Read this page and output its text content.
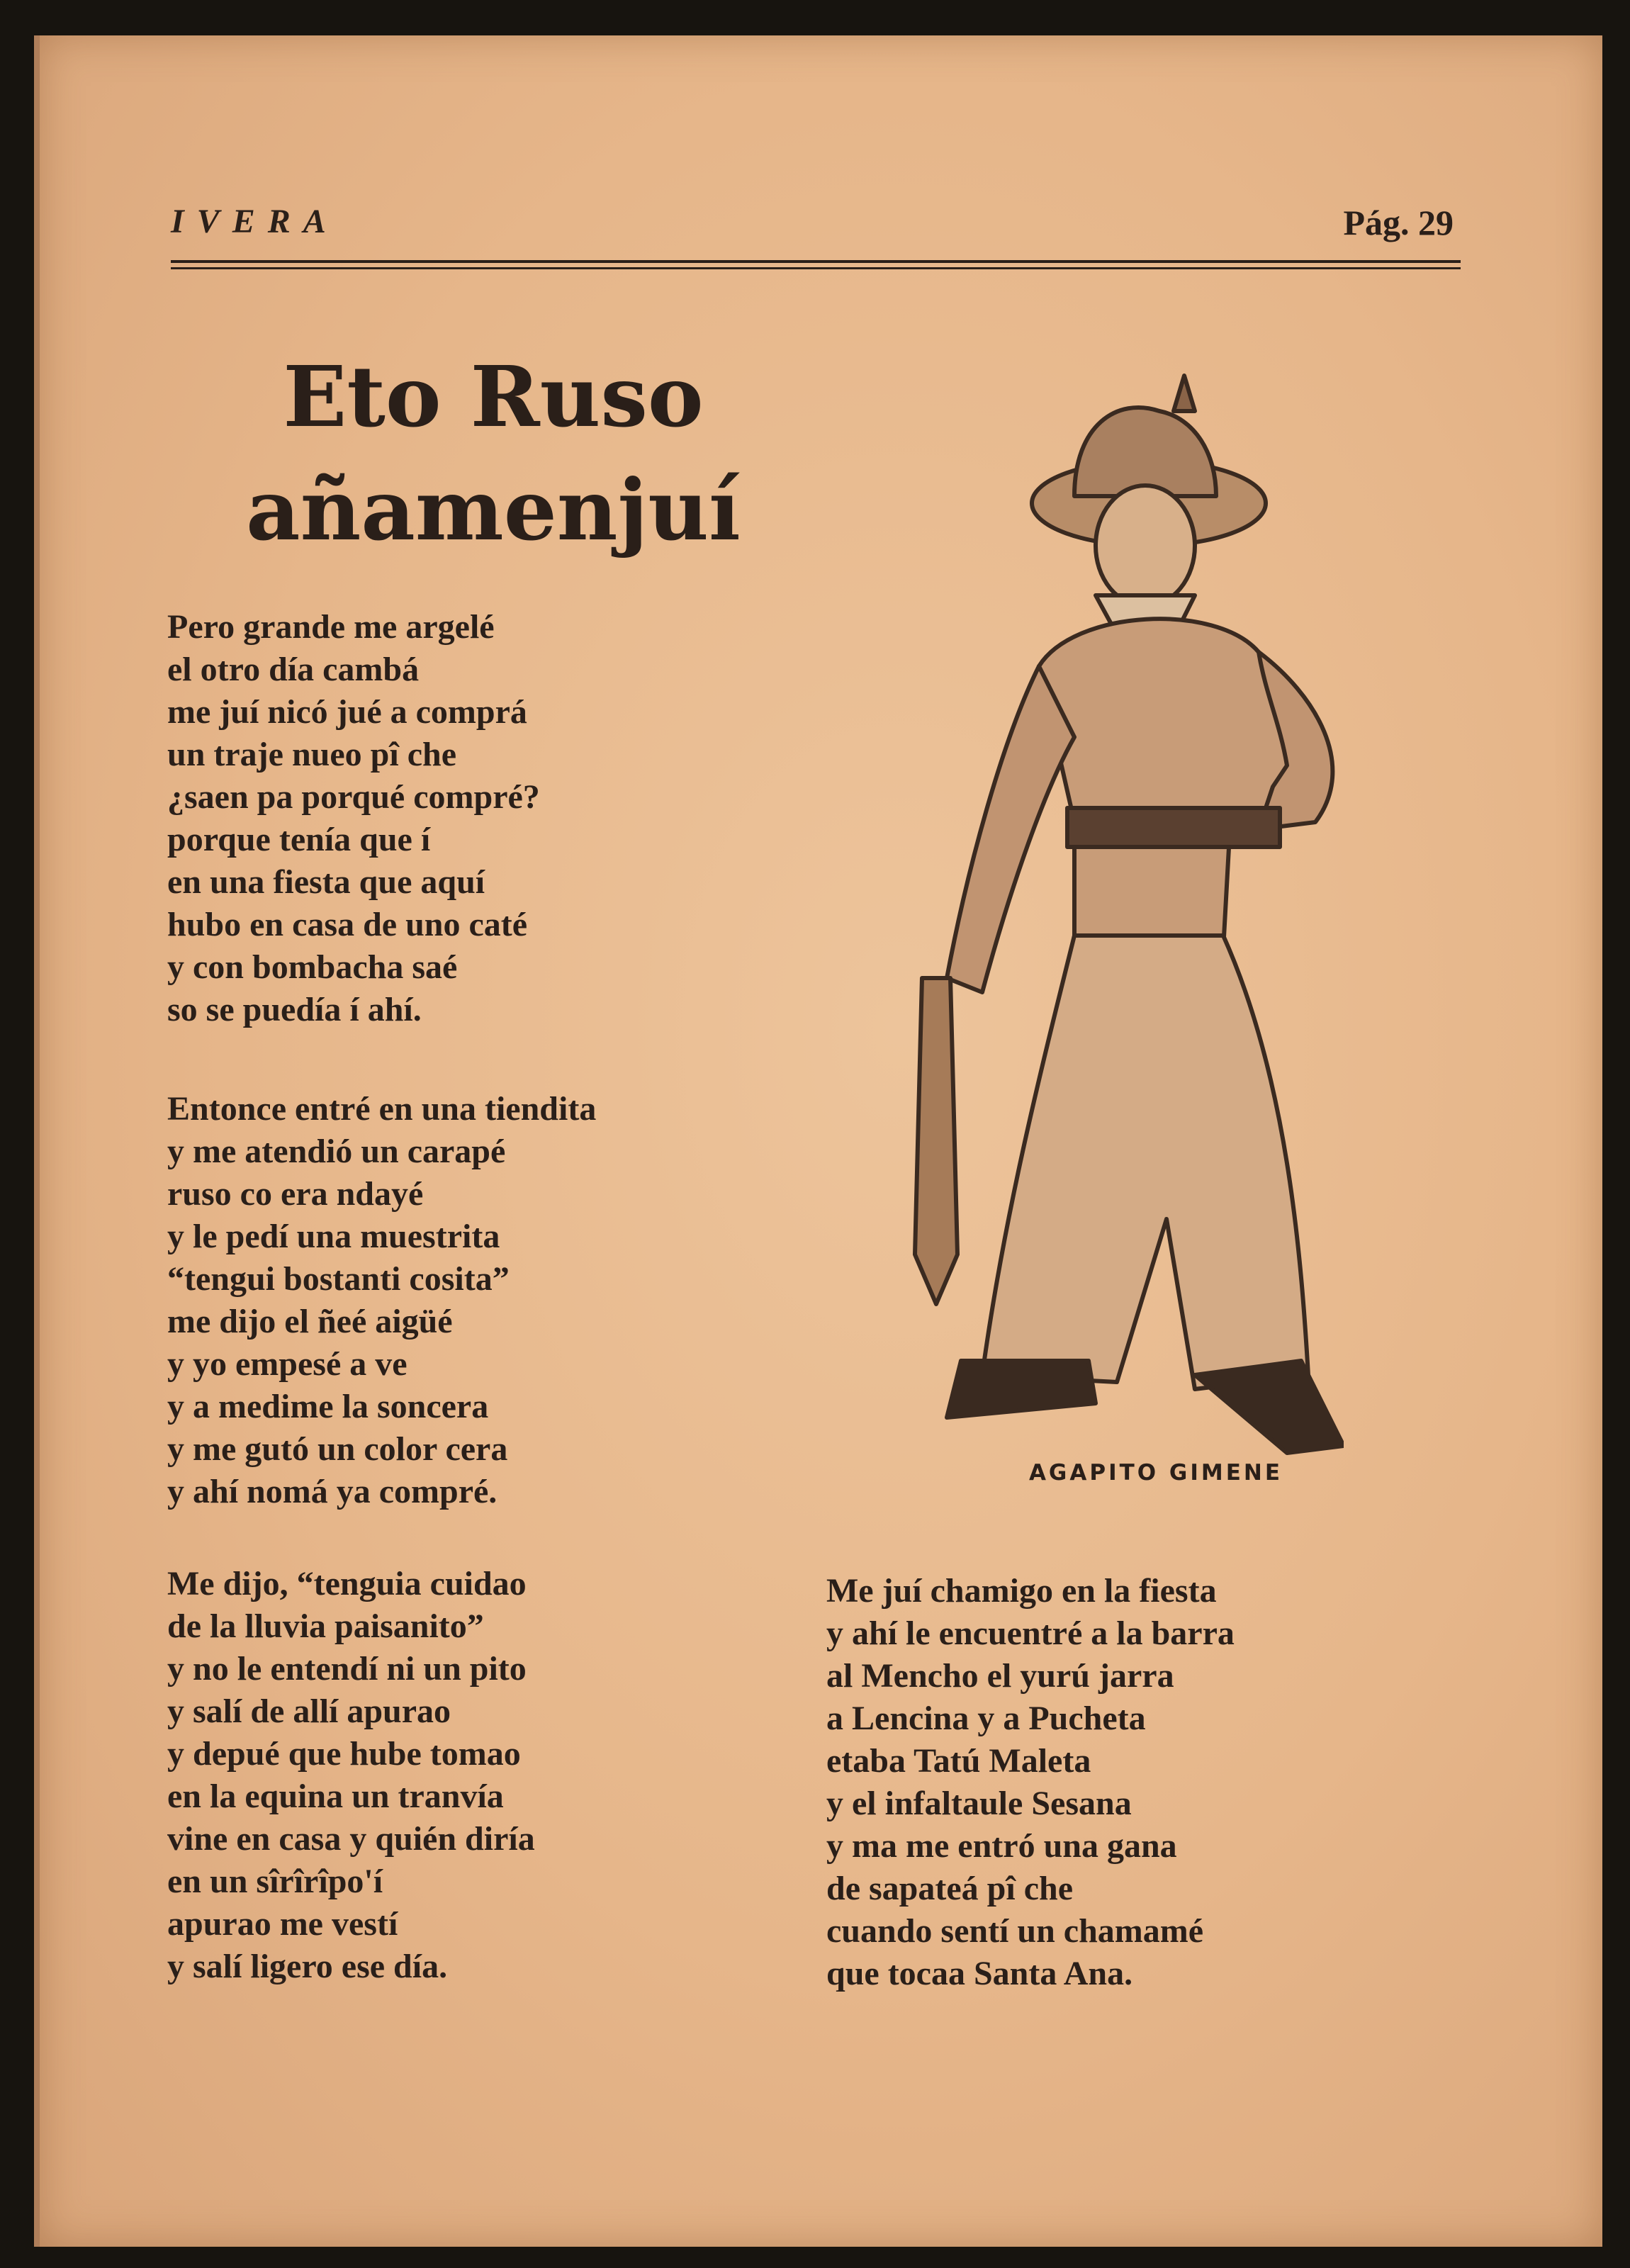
IVERA	Pág. 29
Eto Ruso
añamenjuí
Pero grande me argelé
el otro día cambá
me juí nicó jué a comprá
un traje nueo pî che
¿saen pa porqué compré?
porque tenía que í
en una fiesta que aquí
hubo en casa de uno caté
y con bombacha saé
so se puedía í ahí.
Entonce entré en una tiendita
y me atendió un carapé
ruso co era ndayé
y le pedí una muestrita
“tengui bostanti cosita”
me dijo el ñeé aigüé
y yo empesé a ve
y a medime la soncera
y me gutó un color cera
y ahí nomá ya compré.
Me dijo, “tenguia cuidao
de la lluvia paisanito”
y no le entendí ni un pito
y salí de allí apurao
y depué que hube tomao
en la equina un tranvía
vine en casa y quién diría
en un sîrîrîpo'í
apurao me vestí
y salí ligero ese día.
Me juí chamigo en la fiesta
y ahí le encuentré a la barra
al Mencho el yurú jarra
a Lencina y a Pucheta
etaba Tatú Maleta
y el infaltaule Sesana
y ma me entró una gana
de sapateá pî che
cuando sentí un chamamé
que tocaa Santa Ana.
AGAPITO GIMENE
